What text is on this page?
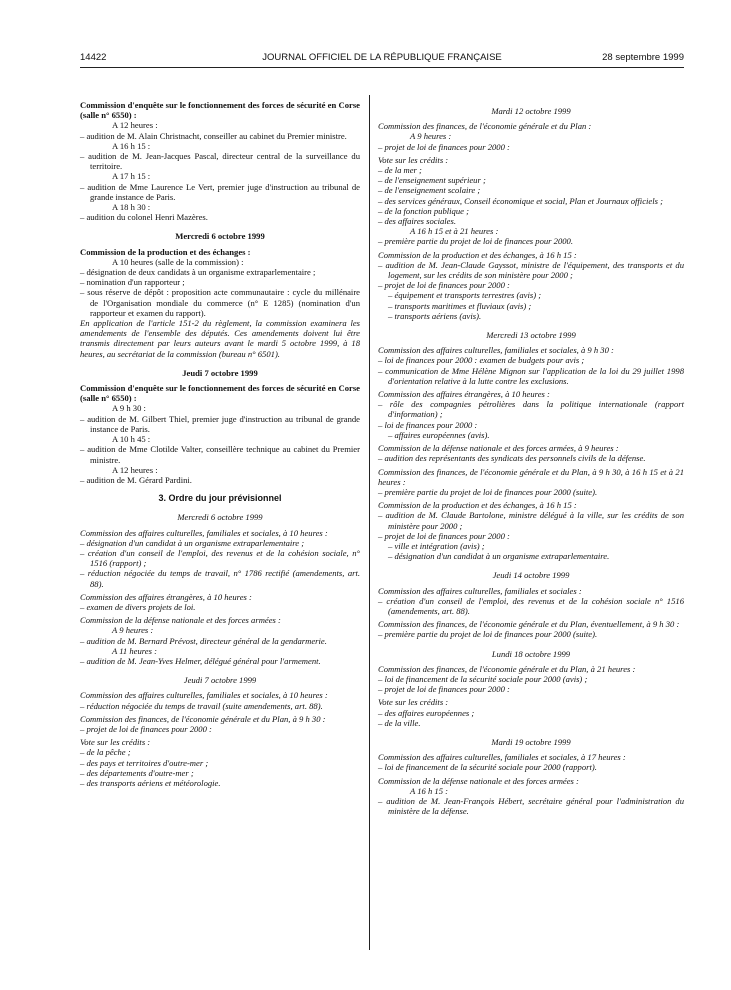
14422	JOURNAL OFFICIEL DE LA RÉPUBLIQUE FRANÇAISE	28 septembre 1999

Commission d'enquête sur le fonctionnement des forces de sécurité en Corse (salle n° 6550) :

A 12 heures :

– audition de M. Alain Christnacht, conseiller au cabinet du Premier ministre.

A 16 h 15 :

– audition de M. Jean-Jacques Pascal, directeur central de la surveillance du territoire.

A 17 h 15 :

– audition de Mme Laurence Le Vert, premier juge d'instruction au tribunal de grande instance de Paris.

A 18 h 30 :

– audition du colonel Henri Mazères.

Mercredi 6 octobre 1999

Commission de la production et des échanges :

A 10 heures (salle de la commission) :

– désignation de deux candidats à un organisme extraparlementaire ;

– nomination d'un rapporteur ;

– sous réserve de dépôt : proposition acte communautaire : cycle du millénaire de l'Organisation mondiale du commerce (n° E 1285) (nomination d'un rapporteur et examen du rapport).

En application de l'article 151-2 du règlement, la commission examinera les amendements de l'ensemble des députés. Ces amendements doivent lui être transmis directement par leurs auteurs avant le mardi 5 octobre 1999, à 18 heures, au secrétariat de la commission (bureau n° 6501).

Jeudi 7 octobre 1999

Commission d'enquête sur le fonctionnement des forces de sécurité en Corse (salle n° 6550) :

A 9 h 30 :

– audition de M. Gilbert Thiel, premier juge d'instruction au tribunal de grande instance de Paris.

A 10 h 45 :

– audition de Mme Clotilde Valter, conseillère technique au cabinet du Premier ministre.

A 12 heures :

– audition de M. Gérard Pardini.

3. Ordre du jour prévisionnel

Mercredi 6 octobre 1999

Commission des affaires culturelles, familiales et sociales, à 10 heures :

– désignation d'un candidat à un organisme extraparlementaire ;

– création d'un conseil de l'emploi, des revenus et de la cohésion sociale, n° 1516 (rapport) ;

– réduction négociée du temps de travail, n° 1786 rectifié (amendements, art. 88).

Commission des affaires étrangères, à 10 heures :

– examen de divers projets de loi.

Commission de la défense nationale et des forces armées :

A 9 heures :

– audition de M. Bernard Prévost, directeur général de la gendarmerie.

A 11 heures :

– audition de M. Jean-Yves Helmer, délégué général pour l'armement.

Jeudi 7 octobre 1999

Commission des affaires culturelles, familiales et sociales, à 10 heures :

– réduction négociée du temps de travail (suite amendements, art. 88).

Commission des finances, de l'économie générale et du Plan, à 9 h 30 :

– projet de loi de finances pour 2000 :

Vote sur les crédits :

– de la pêche ;

– des pays et territoires d'outre-mer ;

– des départements d'outre-mer ;

– des transports aériens et météorologie.

Mardi 12 octobre 1999

Commission des finances, de l'économie générale et du Plan :

A 9 heures :

– projet de loi de finances pour 2000 :

Vote sur les crédits :

– de la mer ;

– de l'enseignement supérieur ;

– de l'enseignement scolaire ;

– des services généraux, Conseil économique et social, Plan et Journaux officiels ;

– de la fonction publique ;

– des affaires sociales.

A 16 h 15 et à 21 heures :

– première partie du projet de loi de finances pour 2000.

Commission de la production et des échanges, à 16 h 15 :

– audition de M. Jean-Claude Gayssot, ministre de l'équipement, des transports et du logement, sur les crédits de son ministère pour 2000 ;

– projet de loi de finances pour 2000 :

– équipement et transports terrestres (avis) ;

– transports maritimes et fluviaux (avis) ;

– transports aériens (avis).

Mercredi 13 octobre 1999

Commission des affaires culturelles, familiales et sociales, à 9 h 30 :

– loi de finances pour 2000 : examen de budgets pour avis ;

– communication de Mme Hélène Mignon sur l'application de la loi du 29 juillet 1998 d'orientation relative à la lutte contre les exclusions.

Commission des affaires étrangères, à 10 heures :

– rôle des compagnies pétrolières dans la politique internationale (rapport d'information) ;

– loi de finances pour 2000 :

– affaires européennes (avis).

Commission de la défense nationale et des forces armées, à 9 heures :

– audition des représentants des syndicats des personnels civils de la défense.

Commission des finances, de l'économie générale et du Plan, à 9 h 30, à 16 h 15 et à 21 heures :

– première partie du projet de loi de finances pour 2000 (suite).

Commission de la production et des échanges, à 16 h 15 :

– audition de M. Claude Bartolone, ministre délégué à la ville, sur les crédits de son ministère pour 2000 ;

– projet de loi de finances pour 2000 :

– ville et intégration (avis) ;

– désignation d'un candidat à un organisme extraparlementaire.

Jeudi 14 octobre 1999

Commission des affaires culturelles, familiales et sociales :

– création d'un conseil de l'emploi, des revenus et de la cohésion sociale n° 1516 (amendements, art. 88).

Commission des finances, de l'économie générale et du Plan, éventuellement, à 9 h 30 :

– première partie du projet de loi de finances pour 2000 (suite).

Lundi 18 octobre 1999

Commission des finances, de l'économie générale et du Plan, à 21 heures :

– loi de financement de la sécurité sociale pour 2000 (avis) ;

– projet de loi de finances pour 2000 :

Vote sur les crédits :

– des affaires européennes ;

– de la ville.

Mardi 19 octobre 1999

Commission des affaires culturelles, familiales et sociales, à 17 heures :

– loi de financement de la sécurité sociale pour 2000 (rapport).

Commission de la défense nationale et des forces armées :

A 16 h 15 :

– audition de M. Jean-François Hébert, secrétaire général pour l'administration du ministère de la défense.
